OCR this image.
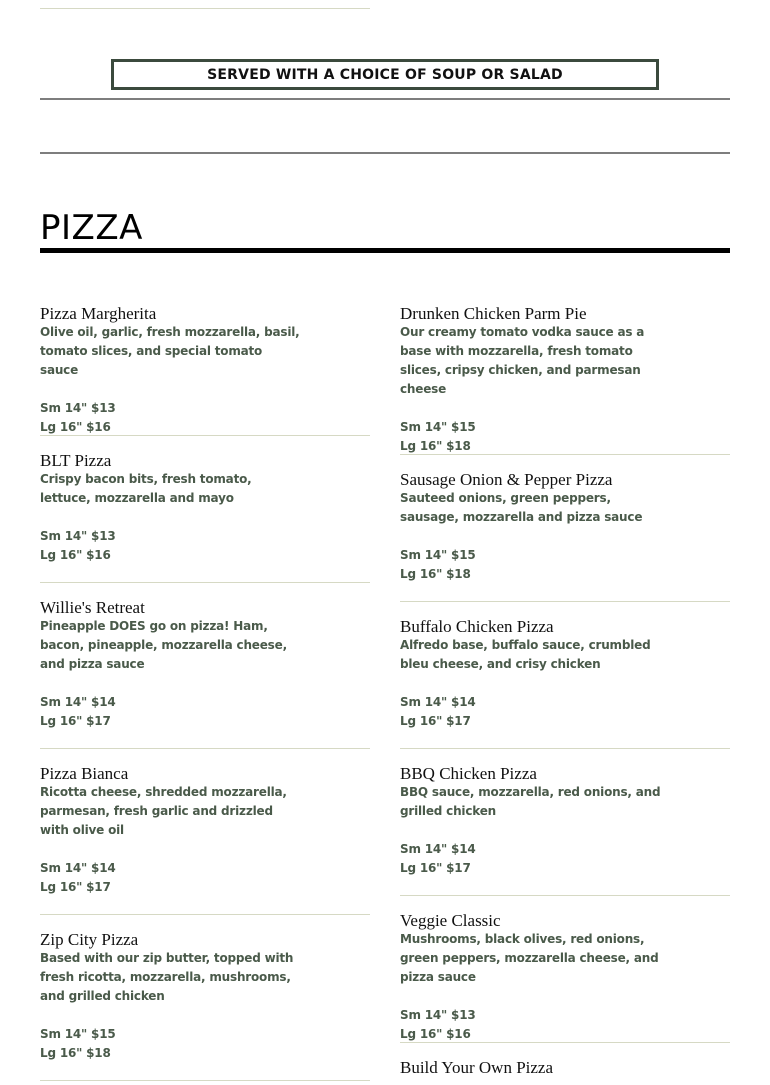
SERVED WITH A CHOICE OF SOUP OR SALAD
PIZZA

Pizza Margherita

Olive oil, garlic, fresh mozzarella, basil, tomato slices, and special tomato sauce

Sm 14" $13

Lg 16" $16

BLT Pizza

Crispy bacon bits, fresh tomato, lettuce, mozzarella and mayo

Sm 14" $13

Lg 16" $16

Willie's Retreat

Pineapple DOES go on pizza! Ham, bacon, pineapple, mozzarella cheese, and pizza sauce

Sm 14" $14

Lg 16" $17

Pizza Bianca

Ricotta cheese, shredded mozzarella, parmesan, fresh garlic and drizzled with olive oil

Sm 14" $14

Lg 16" $17

Zip City Pizza

Based with our zip butter, topped with fresh ricotta, mozzarella, mushrooms, and grilled chicken

Sm 14" $15

Lg 16" $18

Drunken Chicken Parm Pie

Our creamy tomato vodka sauce as a base with mozzarella, fresh tomato slices, cripsy chicken, and parmesan cheese

Sm 14" $15

Lg 16" $18

Sausage Onion & Pepper Pizza

Sauteed onions, green peppers, sausage, mozzarella and pizza sauce

Sm 14" $15

Lg 16" $18

Buffalo Chicken Pizza

Alfredo base, buffalo sauce, crumbled bleu cheese, and crisy chicken

Sm 14" $14

Lg 16" $17

BBQ Chicken Pizza

BBQ sauce, mozzarella, red onions, and grilled chicken

Sm 14" $14

Lg 16" $17

Veggie Classic

Mushrooms, black olives, red onions, green peppers, mozzarella cheese, and pizza sauce

Sm 14" $13

Lg 16" $16

Build Your Own Pizza
